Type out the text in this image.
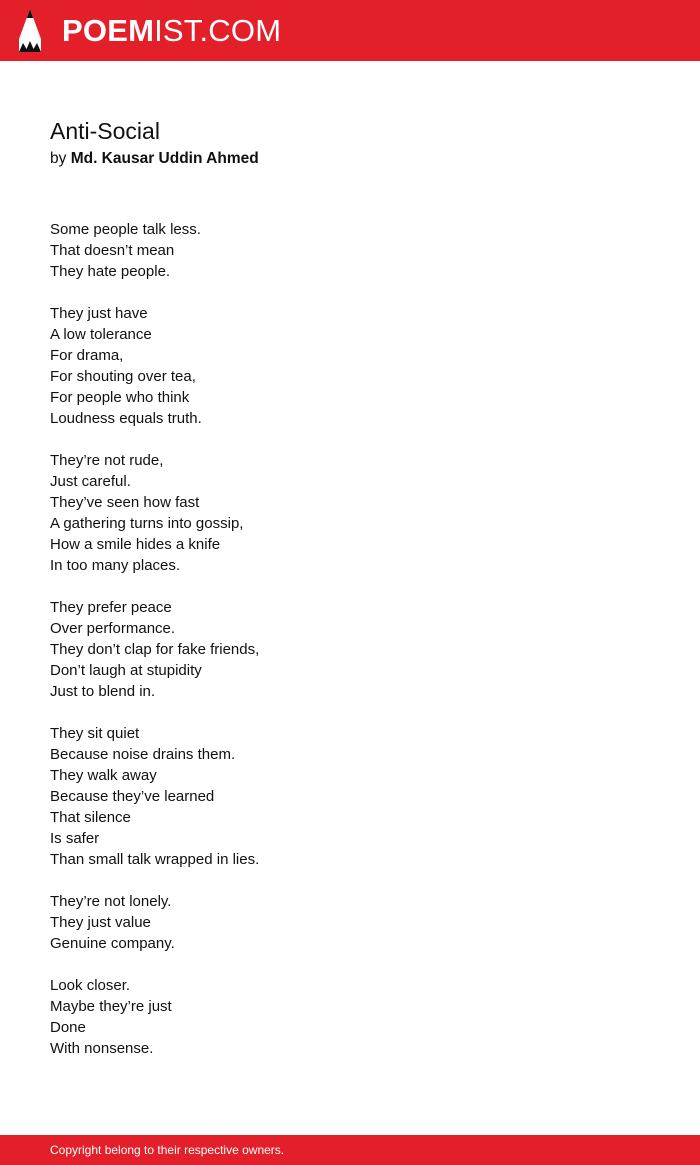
POEMIST.COM
Anti-Social
by Md. Kausar Uddin Ahmed
Some people talk less.
That doesn’t mean
They hate people.
They just have
A low tolerance
For drama,
For shouting over tea,
For people who think
Loudness equals truth.
They’re not rude,
Just careful.
They’ve seen how fast
A gathering turns into gossip,
How a smile hides a knife
In too many places.
They prefer peace
Over performance.
They don’t clap for fake friends,
Don’t laugh at stupidity
Just to blend in.
They sit quiet
Because noise drains them.
They walk away
Because they’ve learned
That silence
Is safer
Than small talk wrapped in lies.
They’re not lonely.
They just value
Genuine company.
Look closer.
Maybe they’re just
Done
With nonsense.
Copyright belong to their respective owners.
